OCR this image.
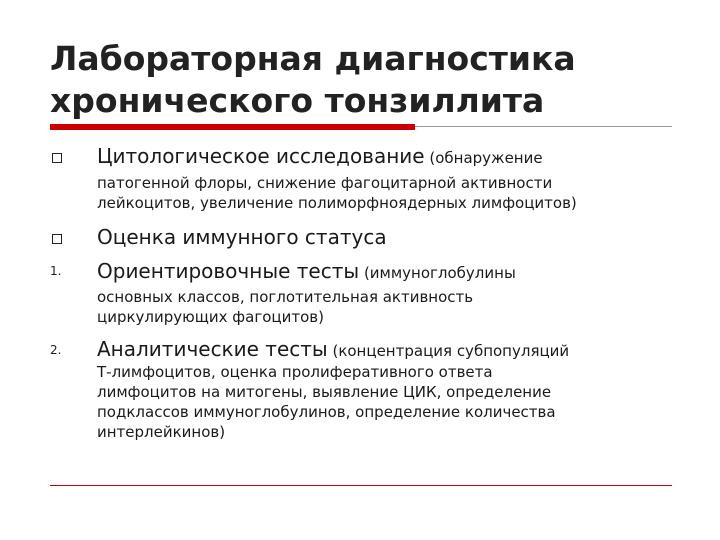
Лабораторная диагностика
хронического тонзиллита
Цитологическое исследование (обнаружение
патогенной флоры, снижение фагоцитарной активности
лейкоцитов, увеличение полиморфноядерных лимфоцитов)
Оценка иммунного статуса
1. Ориентировочные тесты (иммуноглобулины
основных классов, поглотительная активность
циркулирующих фагоцитов)
2. Аналитические тесты (концентрация субпопуляций
Т-лимфоцитов, оценка пролиферативного ответа
лимфоцитов на митогены, выявление ЦИК, определение
подклассов иммуноглобулинов, определение количества
интерлейкинов)
